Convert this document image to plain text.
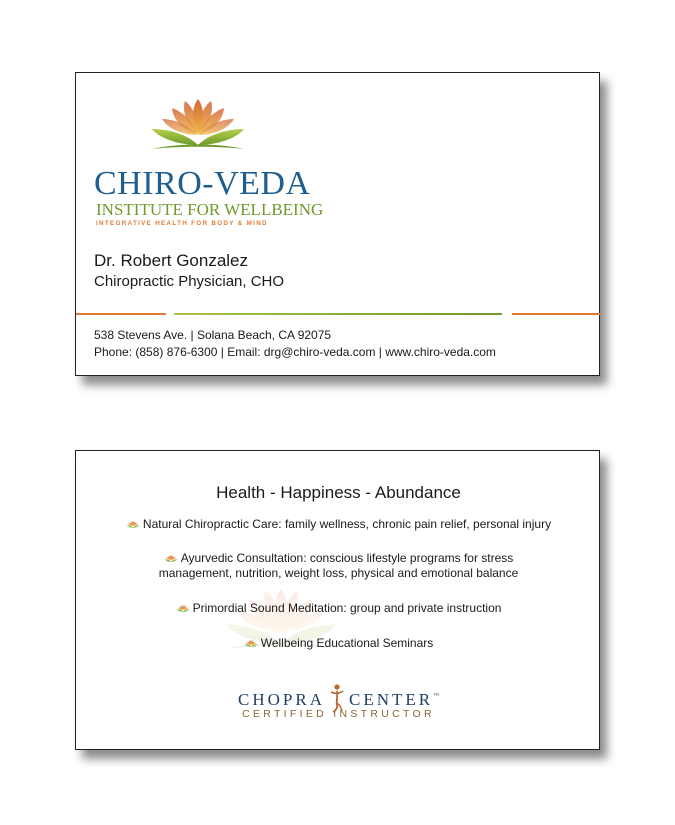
CHIRO-VEDA
INSTITUTE FOR WELLBEING
INTEGRATIVE HEALTH FOR BODY & MIND
Dr. Robert Gonzalez
Chiropractic Physician, CHO
538 Stevens Ave. | Solana Beach, CA 92075
Phone: (858) 876-6300 | Email: drg@chiro-veda.com | www.chiro-veda.com
Health - Happiness - Abundance
Natural Chiropractic Care: family wellness, chronic pain relief, personal injury
Ayurvedic Consultation: conscious lifestyle programs for stress
management, nutrition, weight loss, physical and emotional balance
Primordial Sound Meditation: group and private instruction
Wellbeing Educational Seminars
CHOPRA CENTER™
CERTIFIED INSTRUCTOR
